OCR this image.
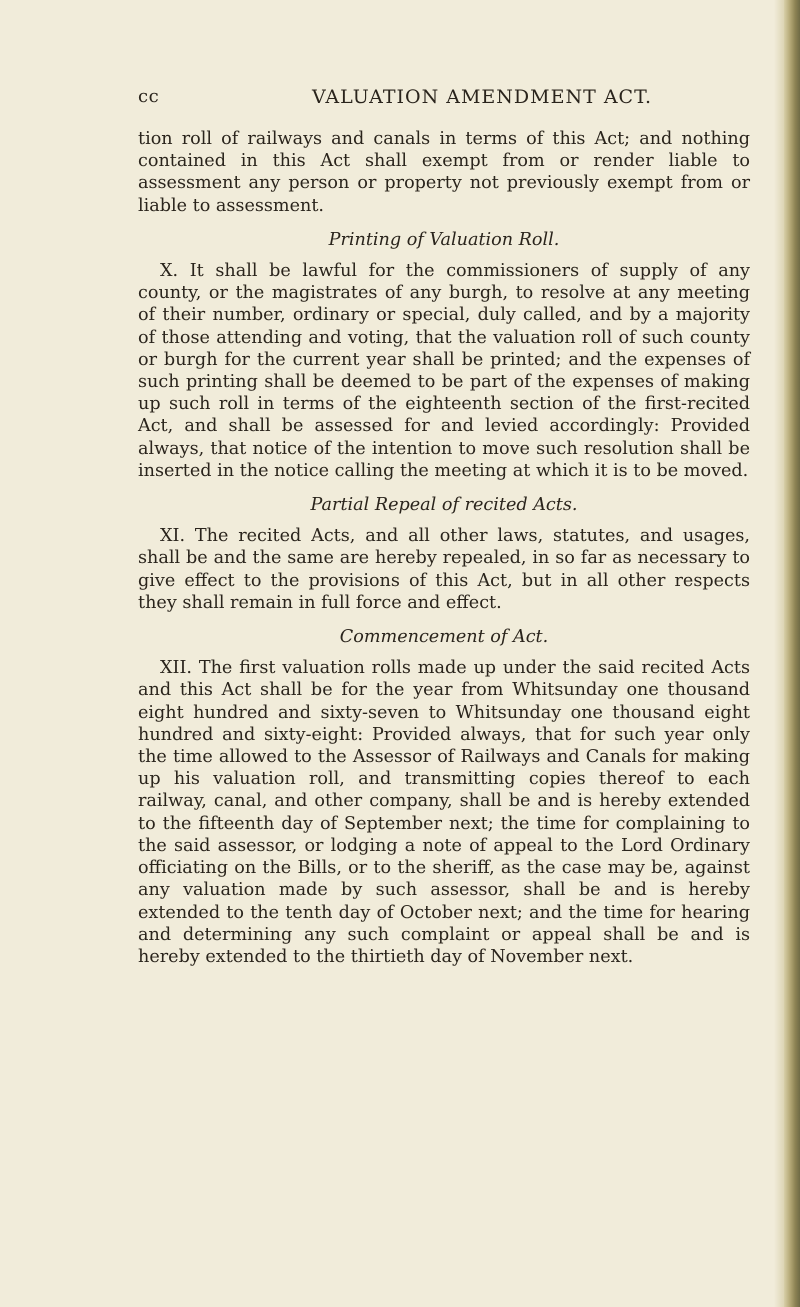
cc	VALUATION AMENDMENT ACT.

tion roll of railways and canals in terms of this Act; and nothing contained in this Act shall exempt from or render liable to assessment any person or property not previously exempt from or liable to assessment.

Printing of Valuation Roll.

X. It shall be lawful for the commissioners of supply of any county, or the magistrates of any burgh, to resolve at any meeting of their number, ordinary or special, duly called, and by a majority of those attending and voting, that the valuation roll of such county or burgh for the current year shall be printed; and the expenses of such printing shall be deemed to be part of the expenses of making up such roll in terms of the eighteenth section of the first-recited Act, and shall be assessed for and levied accordingly: Provided always, that notice of the intention to move such resolution shall be inserted in the notice calling the meeting at which it is to be moved.

Partial Repeal of recited Acts.

XI. The recited Acts, and all other laws, statutes, and usages, shall be and the same are hereby repealed, in so far as necessary to give effect to the provisions of this Act, but in all other respects they shall remain in full force and effect.

Commencement of Act.

XII. The first valuation rolls made up under the said recited Acts and this Act shall be for the year from Whitsunday one thousand eight hundred and sixty-seven to Whitsunday one thousand eight hundred and sixty-eight: Provided always, that for such year only the time allowed to the Assessor of Railways and Canals for making up his valuation roll, and transmitting copies thereof to each railway, canal, and other company, shall be and is hereby extended to the fifteenth day of September next; the time for complaining to the said assessor, or lodging a note of appeal to the Lord Ordinary officiating on the Bills, or to the sheriff, as the case may be, against any valuation made by such assessor, shall be and is hereby extended to the tenth day of October next; and the time for hearing and determining any such complaint or appeal shall be and is hereby extended to the thirtieth day of November next.
